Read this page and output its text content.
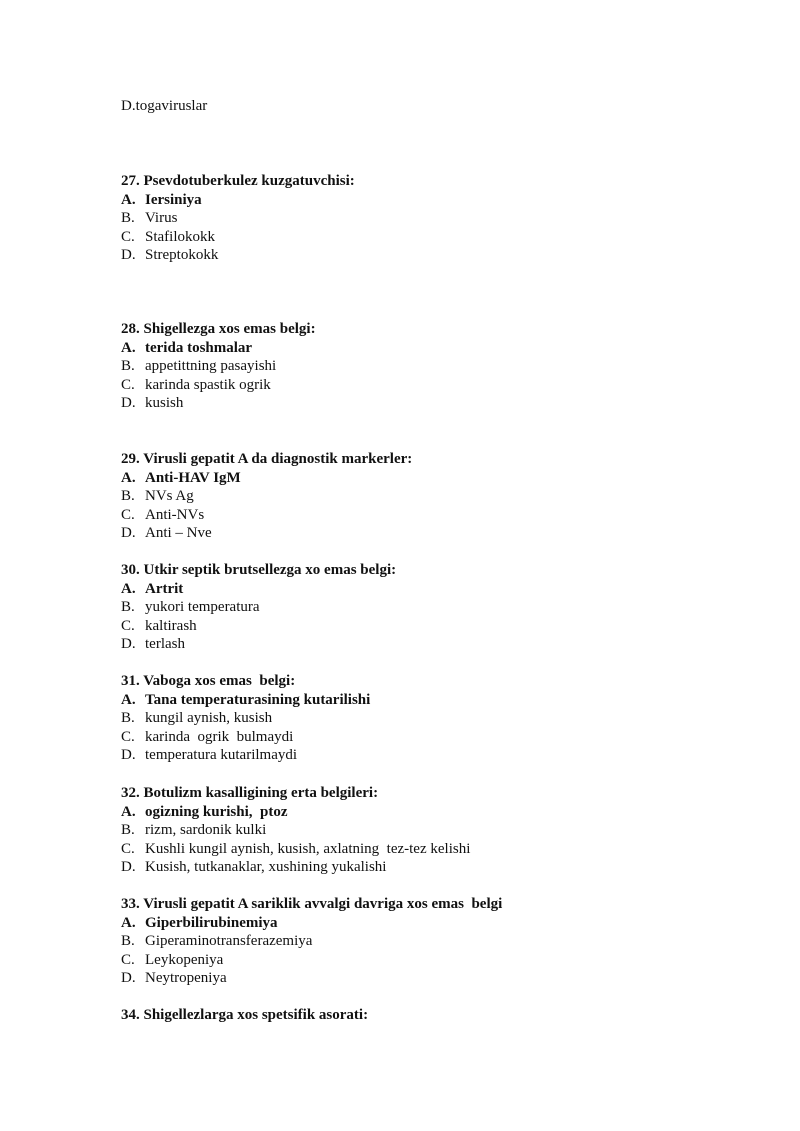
D.togaviruslar
27. Psevdotuberkulez kuzgatuvchisi:
A. Iersiniya
B. Virus
C. Stafilokokk
D. Streptokokk
28. Shigellezga xos emas belgi:
A. terida toshmalar
B. appetittning pasayishi
C. karinda spastik ogrik
D. kusish
29. Virusli gepatit A da diagnostik markerler:
A. Anti-HAV IgM
B. NVs Ag
C. Anti-NVs
D. Anti – Nve
30. Utkir septik brutsellezga xo emas belgi:
A. Artrit
B. yukori temperatura
C. kaltirash
D. terlash
31. Vaboga xos emas  belgi:
A. Tana temperaturasining kutarilishi
B. kungil aynish, kusish
C. karinda  ogrik  bulmaydi
D. temperatura kutarilmaydi
32. Botulizm kasalligining erta belgileri:
A. ogizning kurishi,  ptoz
B. rizm, sardonik kulki
C. Kushli kungil aynish, kusish, axlatning  tez-tez kelishi
D. Kusish, tutkanaklar, xushining yukalishi
33. Virusli gepatit A sariklik avvalgi davriga xos emas  belgi
A. Giperbilirubinemiya
B. Giperaminotransferazemiya
C. Leykopeniya
D. Neytropeniya
34. Shigellezlarga xos spetsifik asorati:
